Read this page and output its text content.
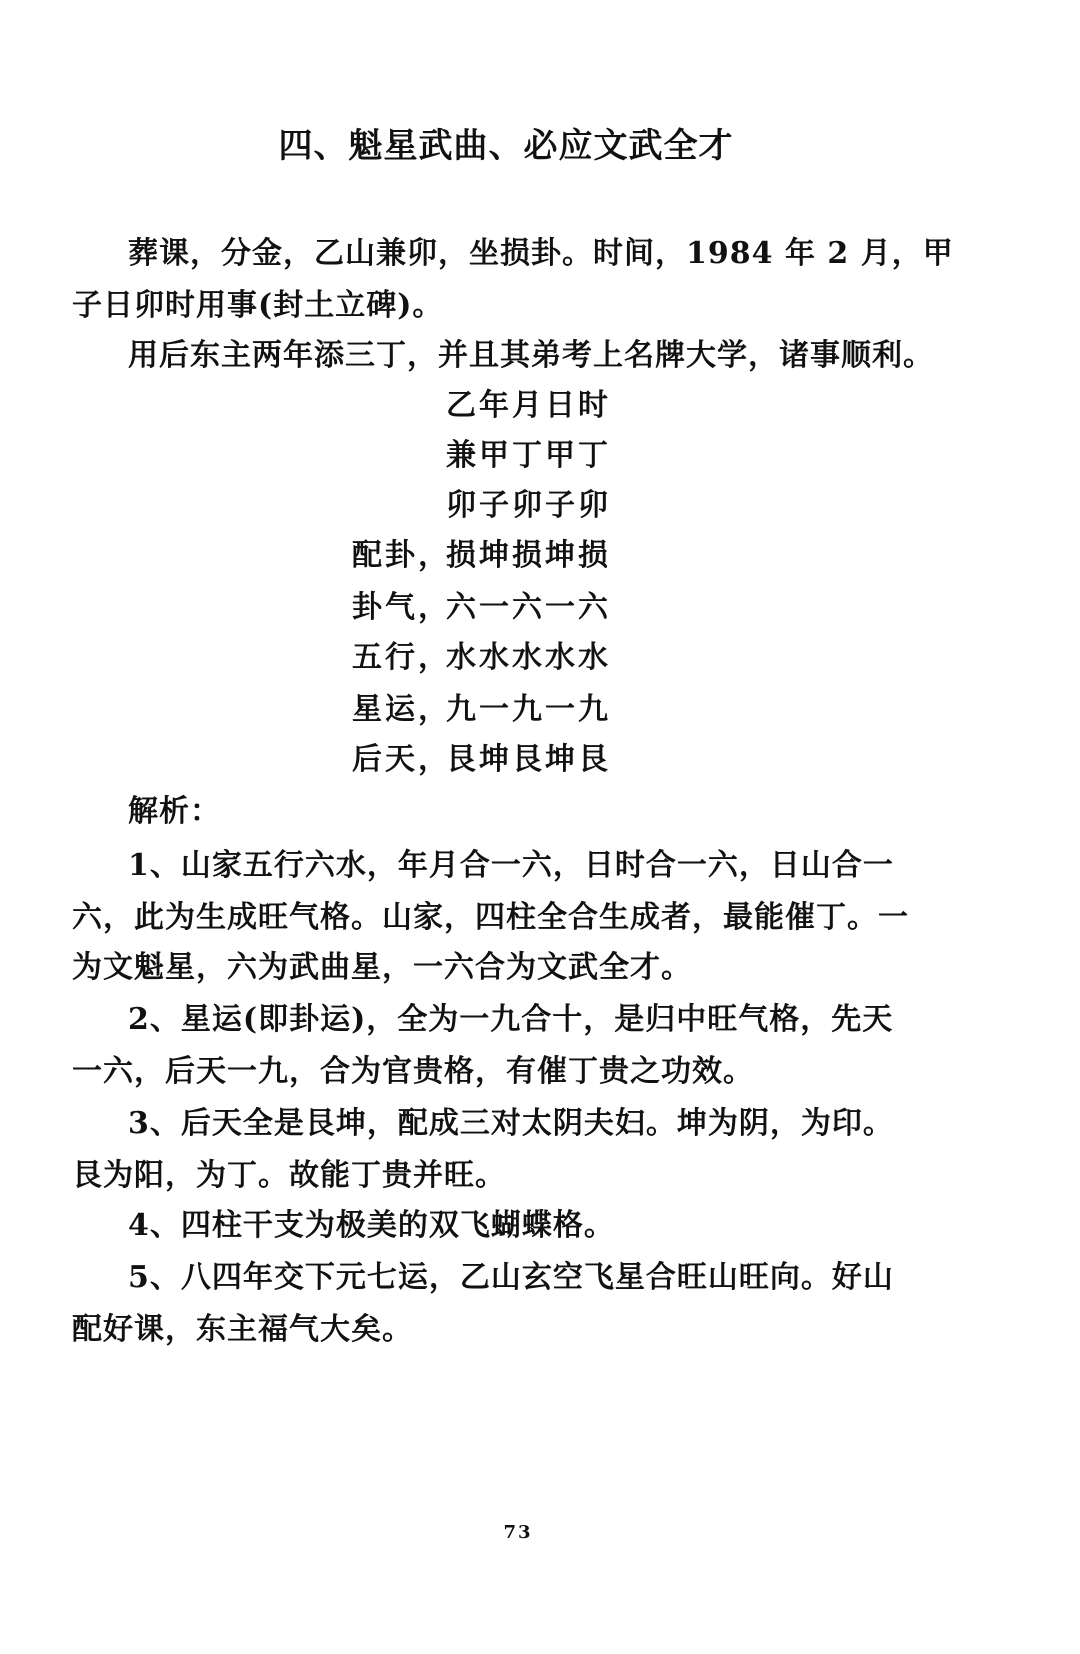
四、魁星武曲、必应文武全才
葬课，分金，乙山兼卯，坐损卦。时间，1984 年 2 月，甲
子日卯时用事(封土立碑)。
用后东主两年添三丁，并且其弟考上名牌大学，诸事顺利。
乙年月日时
兼甲丁甲丁
卯子卯子卯
配卦，
损坤损坤损
卦气，
六一六一六
五行，
水水水水水
星运，
九一九一九
后天，
艮坤艮坤艮
解析：
1、山家五行六水，年月合一六，日时合一六，日山合一
六，此为生成旺气格。山家，四柱全合生成者，最能催丁。一
为文魁星，六为武曲星，一六合为文武全才。
2、星运(即卦运)，全为一九合十，是归中旺气格，先天
一六，后天一九，合为官贵格，有催丁贵之功效。
3、后天全是艮坤，配成三对太阴夫妇。坤为阴，为印。
艮为阳，为丁。故能丁贵并旺。
4、四柱干支为极美的双飞蝴蝶格。
5、八四年交下元七运，乙山玄空飞星合旺山旺向。好山
配好课，东主福气大矣。
73
